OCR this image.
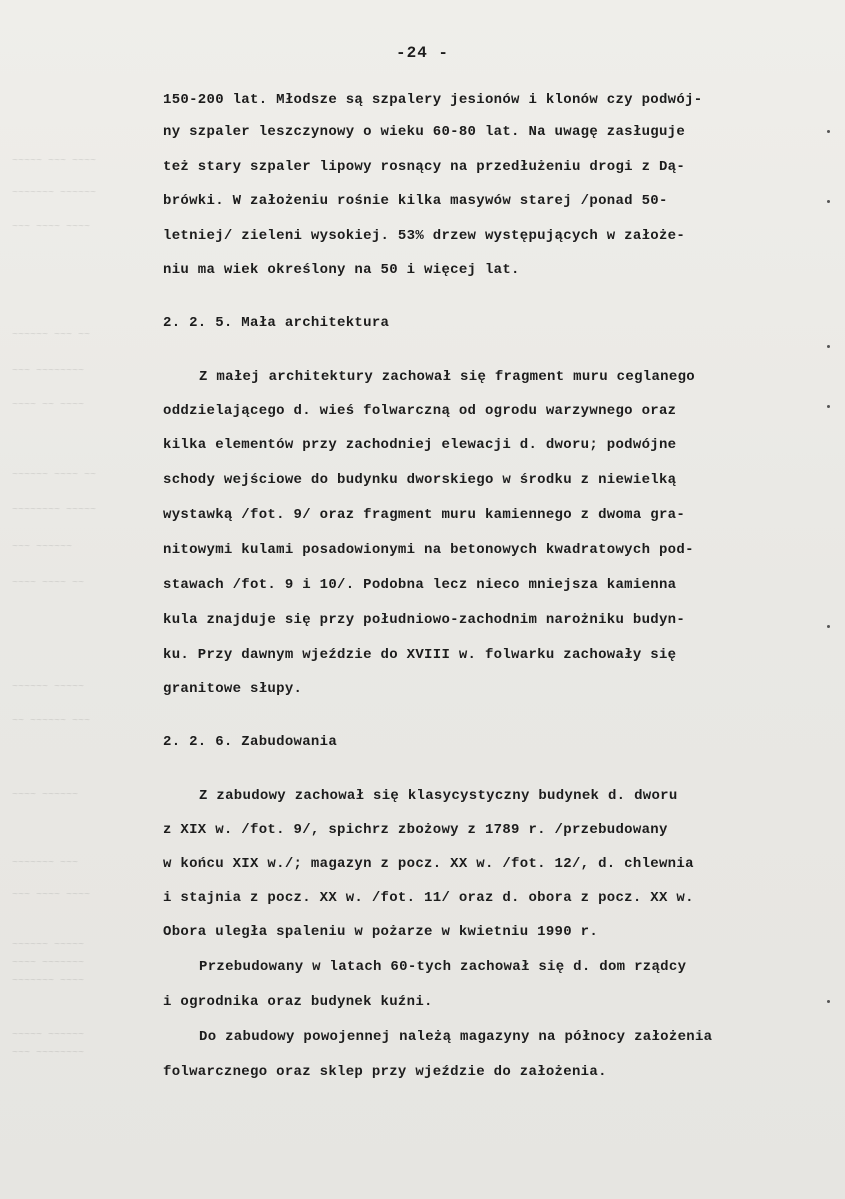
~~~~~ ~~~ ~~~~
~~~~~~~ ~~~~~~
~~~ ~~~~ ~~~~
~~~~~~ ~~~ ~~
~~~ ~~~~~~~~
~~~~ ~~ ~~~~
~~~~~~ ~~~~ ~~
~~~~~~~~ ~~~~~
~~~ ~~~~~~
~~~~ ~~~~ ~~
~~~~~~ ~~~~~
~~ ~~~~~~ ~~~
~~~~ ~~~~~~
~~~~~~~ ~~~
~~~ ~~~~ ~~~~
~~~~~~ ~~~~~
~~~~ ~~~~~~~
~~~~~~~ ~~~~
~~~~~ ~~~~~~
~~~ ~~~~~~~~
-24 -
150-200 lat. Młodsze są szpalery jesionów i klonów czy podwój-
ny szpaler leszczynowy o wieku 60-80 lat. Na uwagę zasługuje
też stary szpaler lipowy rosnący na przedłużeniu drogi z Dą-
brówki. W założeniu rośnie kilka masywów starej /ponad 50-
letniej/ zieleni wysokiej. 53% drzew występujących w założe-
niu ma wiek określony na 50 i więcej lat.
2. 2. 5. Mała architektura
Z małej architektury zachował się fragment muru ceglanego
oddzielającego d. wieś folwarczną od ogrodu warzywnego oraz
kilka elementów przy zachodniej elewacji d. dworu; podwójne
schody wejściowe do budynku dworskiego w środku z niewielką
wystawką /fot. 9/ oraz fragment muru kamiennego z dwoma gra-
nitowymi kulami posadowionymi na betonowych kwadratowych pod-
stawach /fot. 9 i 10/. Podobna lecz nieco mniejsza kamienna
kula znajduje się przy południowo-zachodnim narożniku budyn-
ku. Przy dawnym wjeździe do XVIII w. folwarku zachowały się
granitowe słupy.
2. 2. 6. Zabudowania
Z zabudowy zachował się klasycystyczny budynek d. dworu
z XIX w. /fot. 9/, spichrz zbożowy z 1789 r. /przebudowany
w końcu XIX w./; magazyn z pocz. XX w. /fot. 12/, d. chlewnia
i stajnia z pocz. XX w. /fot. 11/ oraz d. obora z pocz. XX w.
Obora uległa spaleniu w pożarze w kwietniu 1990 r.
Przebudowany w latach 60-tych zachował się d. dom rządcy
i ogrodnika oraz budynek kuźni.
Do zabudowy powojennej należą magazyny na północy założenia
folwarcznego oraz sklep przy wjeździe do założenia.
